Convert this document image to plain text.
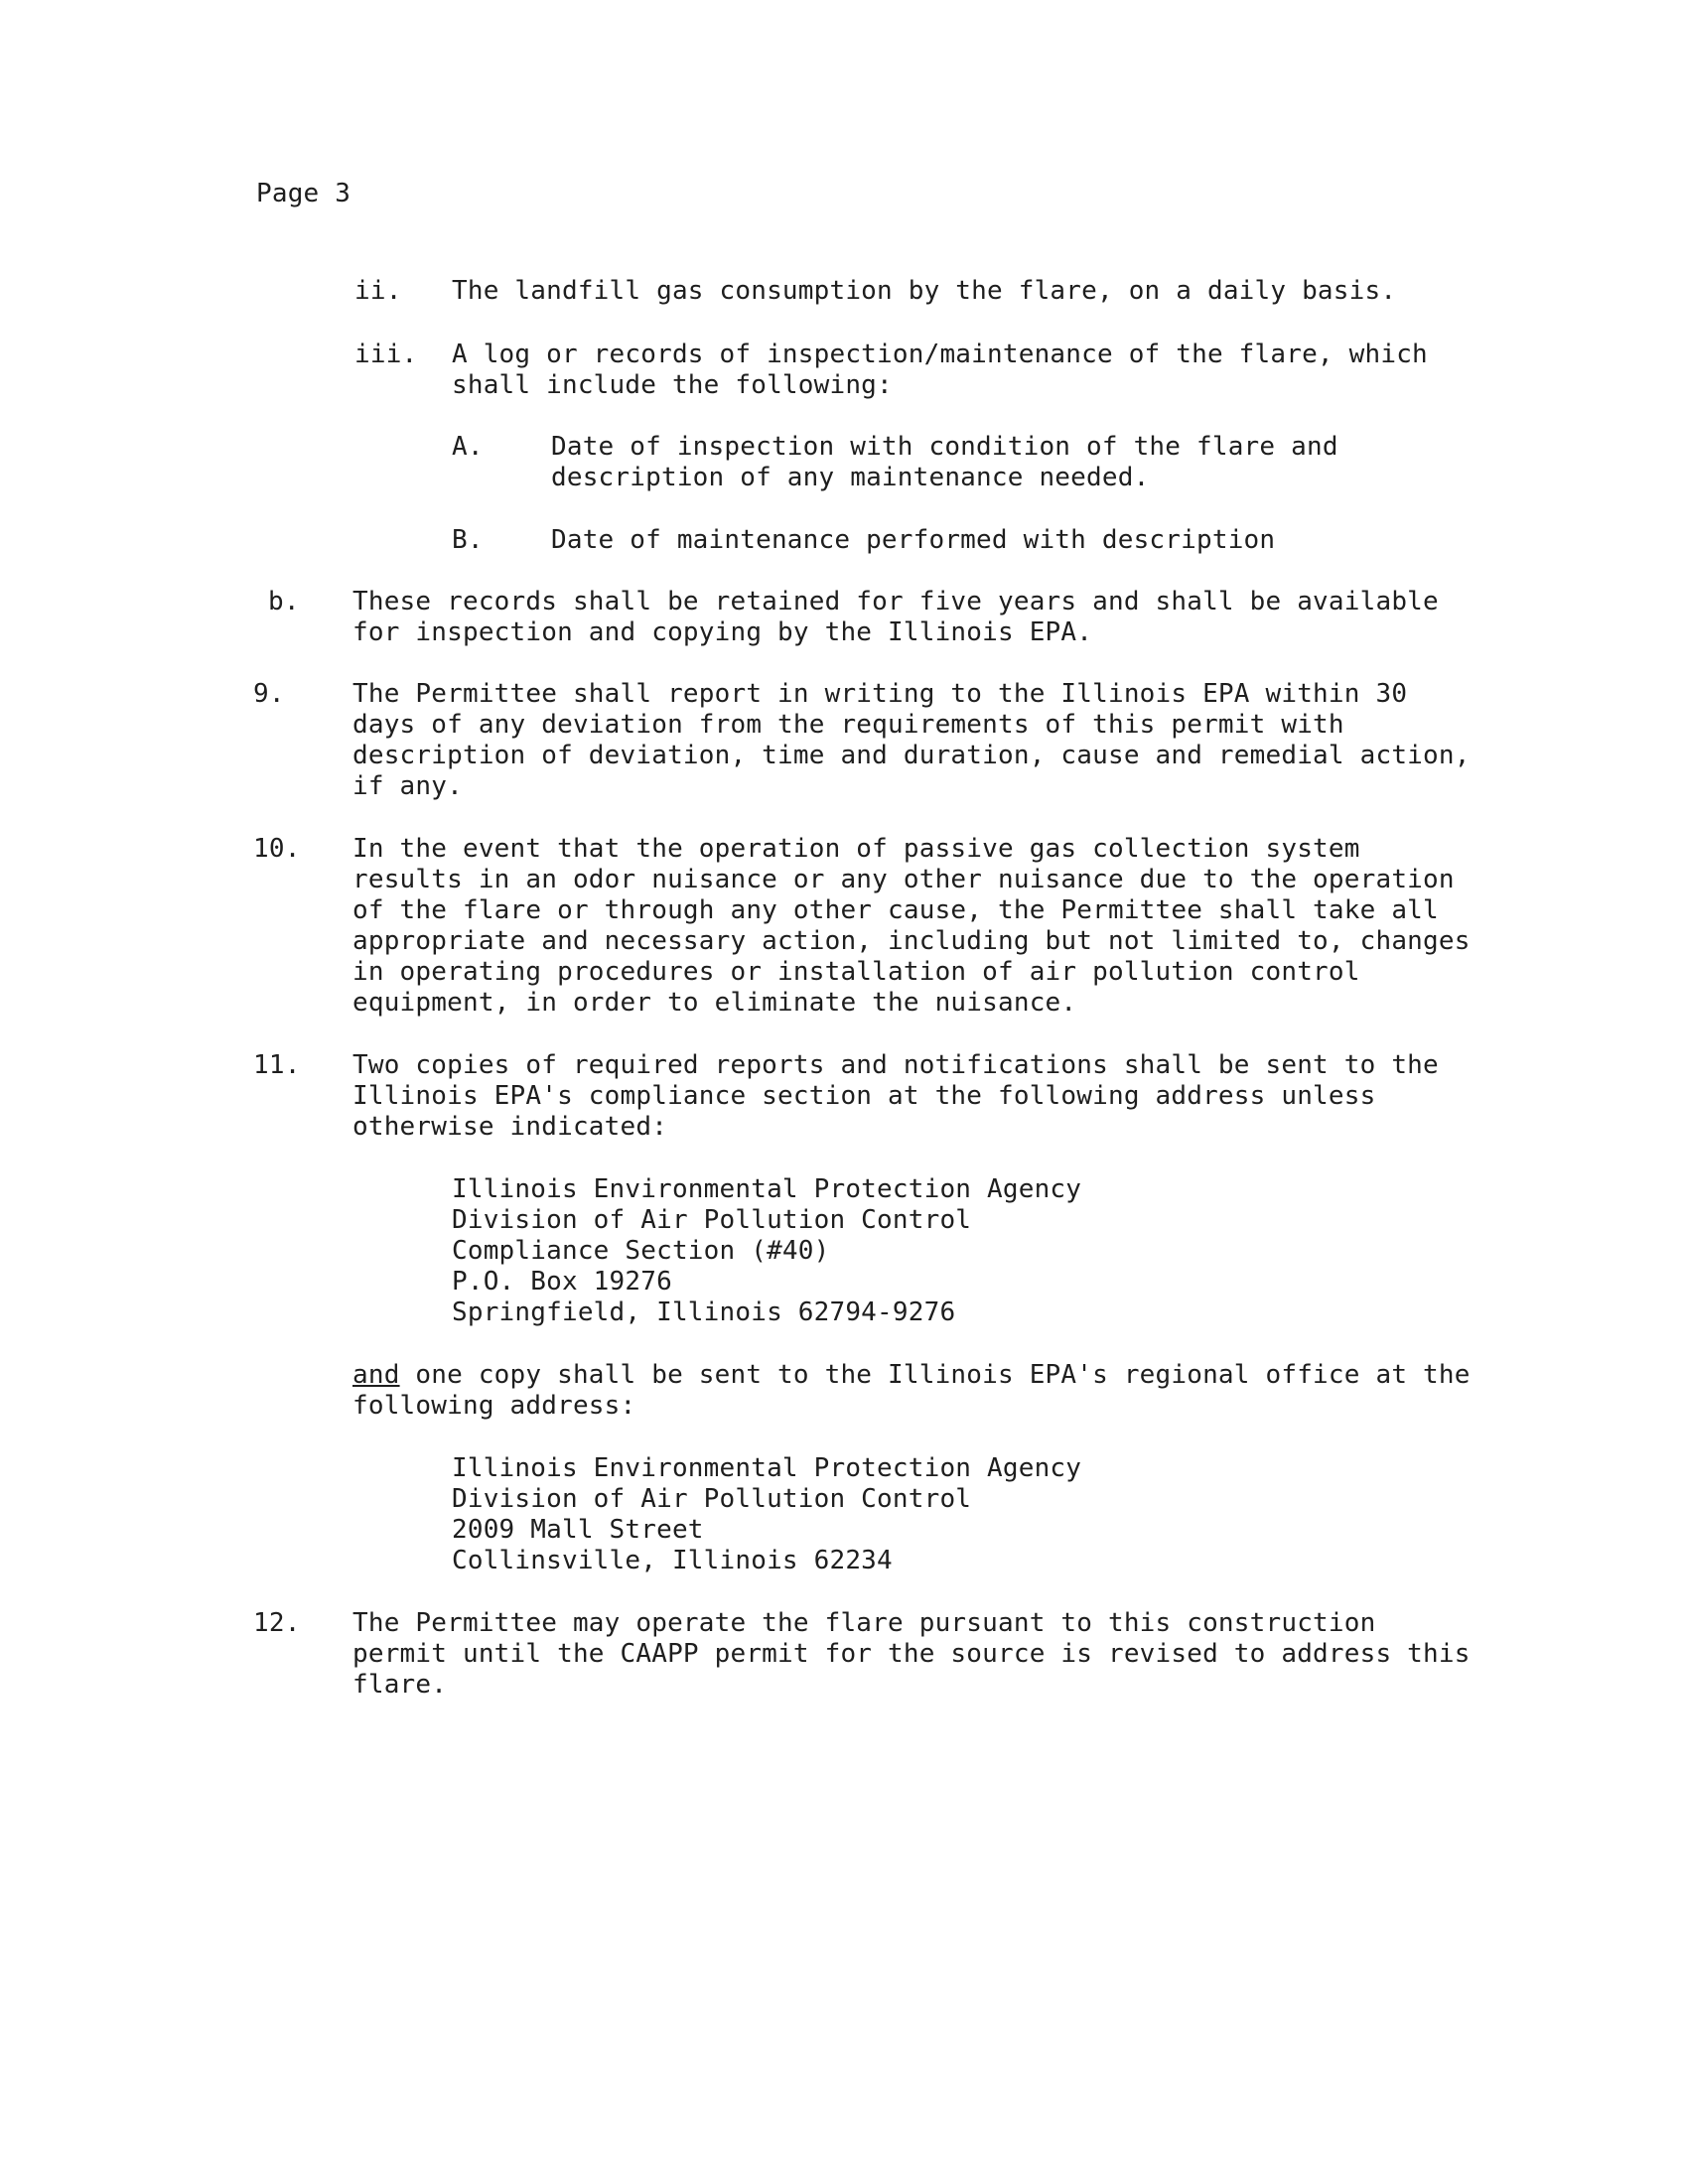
Page 3
ii. The landfill gas consumption by the flare, on a daily basis.
iii. A log or records of inspection/maintenance of the flare, which
shall include the following:
A.	Date of inspection with condition of the flare and
description of any maintenance needed.
B.	Date of maintenance performed with description
b. These records shall be retained for five years and shall be available
for inspection and copying by the Illinois EPA.
9.	The Permittee shall report in writing to the Illinois EPA within 30
days of any deviation from the requirements of this permit with
description of deviation, time and duration, cause and remedial action,
if any.
10. In the event that the operation of passive gas collection system
results in an odor nuisance or any other nuisance due to the operation
of the flare or through any other cause, the Permittee shall take all
appropriate and necessary action, including but not limited to, changes
in operating procedures or installation of air pollution control
equipment, in order to eliminate the nuisance.
11. Two copies of required reports and notifications shall be sent to the
Illinois EPA's compliance section at the following address unless
otherwise indicated:
Illinois Environmental Protection Agency
Division of Air Pollution Control
Compliance Section (#40)
P.O. Box 19276
Springfield, Illinois 62794-9276
and one copy shall be sent to the Illinois EPA's regional office at the
following address:
Illinois Environmental Protection Agency
Division of Air Pollution Control
2009 Mall Street
Collinsville, Illinois 62234
12. The Permittee may operate the flare pursuant to this construction
permit until the CAAPP permit for the source is revised to address this
flare.
